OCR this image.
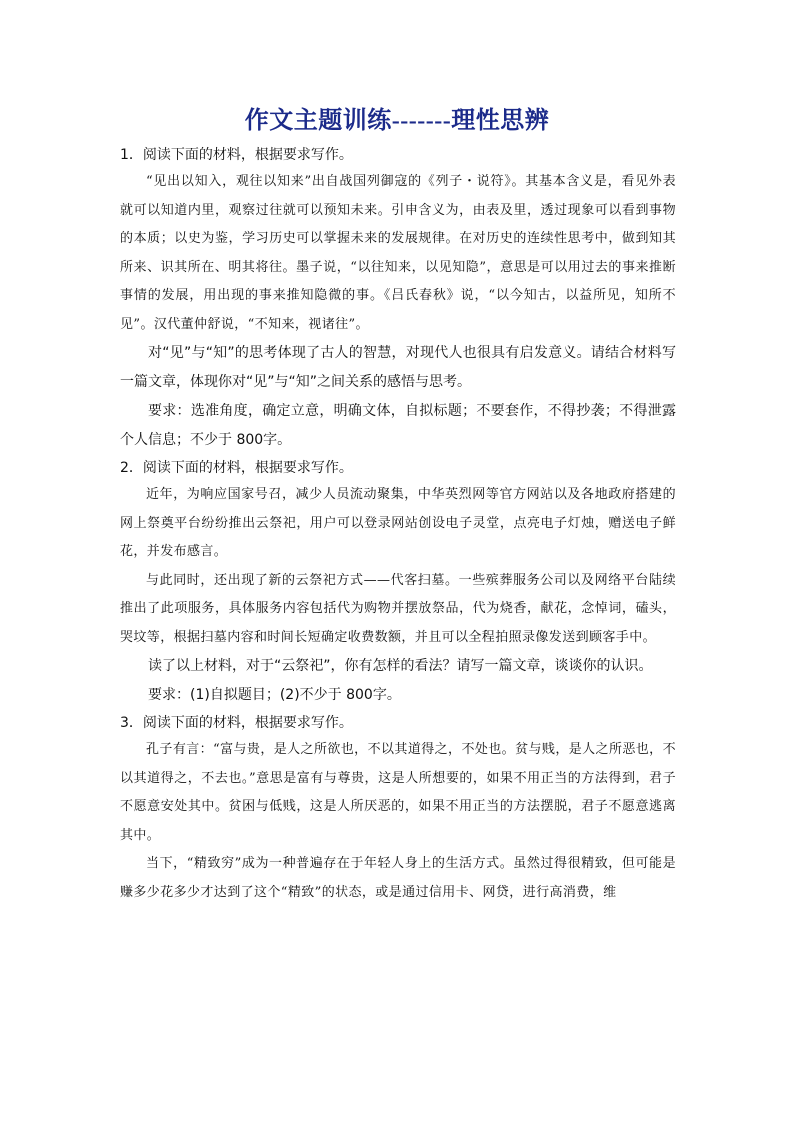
作文主题训练-------理性思辨

1．阅读下面的材料，根据要求写作。

“见出以知入，观往以知来”出自战国列御寇的《列子・说符》。其基本含义是，看见外表就可以知道内里，观察过往就可以预知未来。引申含义为，由表及里，透过现象可以看到事物的本质；以史为鉴，学习历史可以掌握未来的发展规律。在对历史的连续性思考中，做到知其所来、识其所在、明其将往。墨子说，“以往知来，以见知隐”，意思是可以用过去的事来推断事情的发展，用出现的事来推知隐微的事。《吕氏春秋》说，“以今知古，以益所见，知所不见”。汉代董仲舒说，“不知来，视诸往”。

对“见”与“知”的思考体现了古人的智慧，对现代人也很具有启发意义。请结合材料写一篇文章，体现你对“见”与“知”之间关系的感悟与思考。

要求：选准角度，确定立意，明确文体，自拟标题；不要套作，不得抄袭；不得泄露个人信息；不少于 800字。

2．阅读下面的材料，根据要求写作。

近年，为响应国家号召，减少人员流动聚集，中华英烈网等官方网站以及各地政府搭建的网上祭奠平台纷纷推出云祭祀，用户可以登录网站创设电子灵堂，点亮电子灯烛，赠送电子鲜花，并发布感言。

与此同时，还出现了新的云祭祀方式——代客扫墓。一些殡葬服务公司以及网络平台陆续推出了此项服务，具体服务内容包括代为购物并摆放祭品，代为烧香，献花，念悼词，磕头，哭坟等，根据扫墓内容和时间长短确定收费数额，并且可以全程拍照录像发送到顾客手中。

读了以上材料，对于“云祭祀”，你有怎样的看法？请写一篇文章，谈谈你的认识。

要求：(1)自拟题目；(2)不少于 800字。

3．阅读下面的材料，根据要求写作。

孔子有言：“富与贵，是人之所欲也，不以其道得之，不处也。贫与贱，是人之所恶也，不以其道得之，不去也。”意思是富有与尊贵，这是人所想要的，如果不用正当的方法得到，君子不愿意安处其中。贫困与低贱，这是人所厌恶的，如果不用正当的方法摆脱，君子不愿意逃离其中。

当下，“精致穷”成为一种普遍存在于年轻人身上的生活方式。虽然过得很精致，但可能是赚多少花多少才达到了这个“精致”的状态，或是通过信用卡、网贷，进行高消费，维
